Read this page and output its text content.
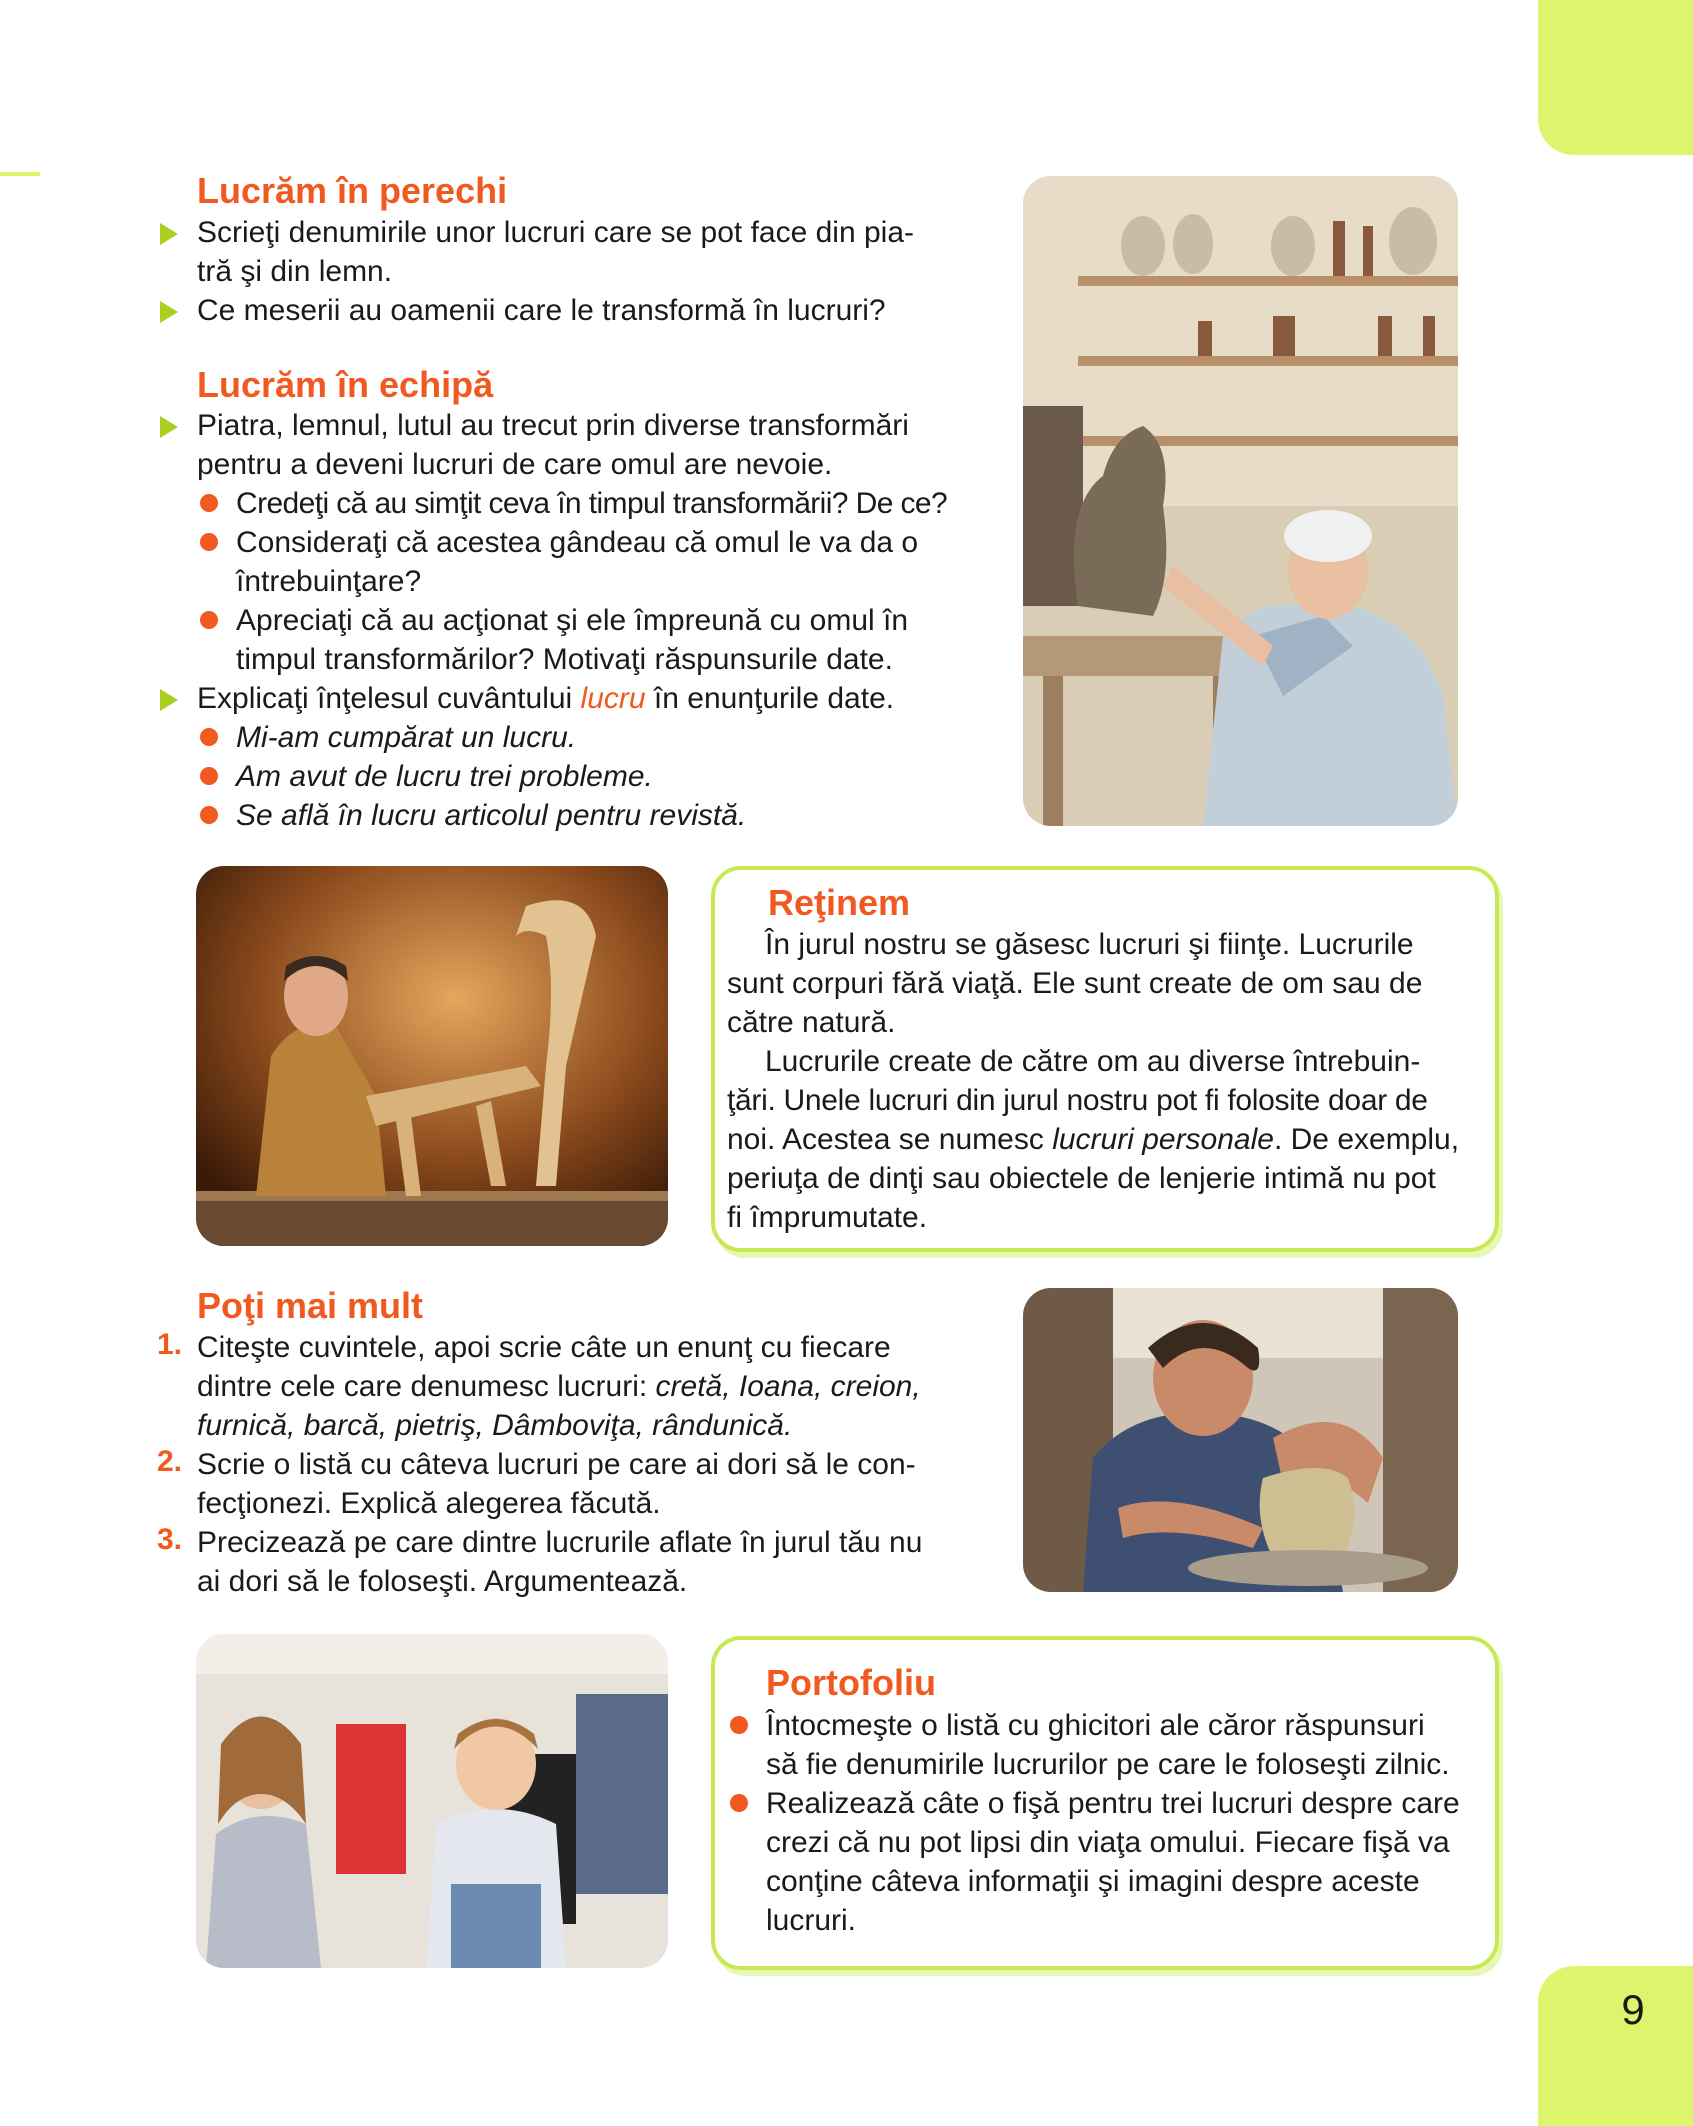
9
Lucrăm în perechi

Scrieţi denumirile unor lucruri care se pot face din pia-

tră şi din lemn.

Ce meserii au oamenii care le transformă în lucruri?

Lucrăm în echipă

Piatra, lemnul, lutul au trecut prin diverse transformări

pentru a deveni lucruri de care omul are nevoie.

Credeţi că au simţit ceva în timpul transformării? De ce?

Consideraţi că acestea gândeau că omul le va da o

întrebuinţare?

Apreciaţi că au acţionat şi ele împreună cu omul în

timpul transformărilor? Motivaţi răspunsurile date.

Explicaţi înţelesul cuvântului lucru în enunţurile date.

Mi-am cumpărat un lucru.

Am avut de lucru trei probleme.

Se află în lucru articolul pentru revistă.

Reţinem

În jurul nostru se găsesc lucruri şi fiinţe. Lucrurile

sunt corpuri fără viaţă. Ele sunt create de om sau de

către natură.

Lucrurile create de către om au diverse întrebuin-

ţări. Unele lucruri din jurul nostru pot fi folosite doar de

noi. Acestea se numesc lucruri personale. De exemplu,

periuţa de dinţi sau obiectele de lenjerie intimă nu pot

fi împrumutate.

Poţi mai mult
1. Citeşte cuvintele, apoi scrie câte un enunţ cu fiecare

dintre cele care denumesc lucruri: cretă, Ioana, creion,

furnică, barcă, pietriş, Dâmboviţa, rândunică.

2. Scrie o listă cu câteva lucruri pe care ai dori să le con-

fecţionezi. Explică alegerea făcută.

3. Precizează pe care dintre lucrurile aflate în jurul tău nu

ai dori să le foloseşti. Argumentează.

Portofoliu

Întocmeşte o listă cu ghicitori ale căror răspunsuri

să fie denumirile lucrurilor pe care le foloseşti zilnic.

Realizează câte o fişă pentru trei lucruri despre care

crezi că nu pot lipsi din viaţa omului. Fiecare fişă va

conţine câteva informaţii şi imagini despre aceste

lucruri.
